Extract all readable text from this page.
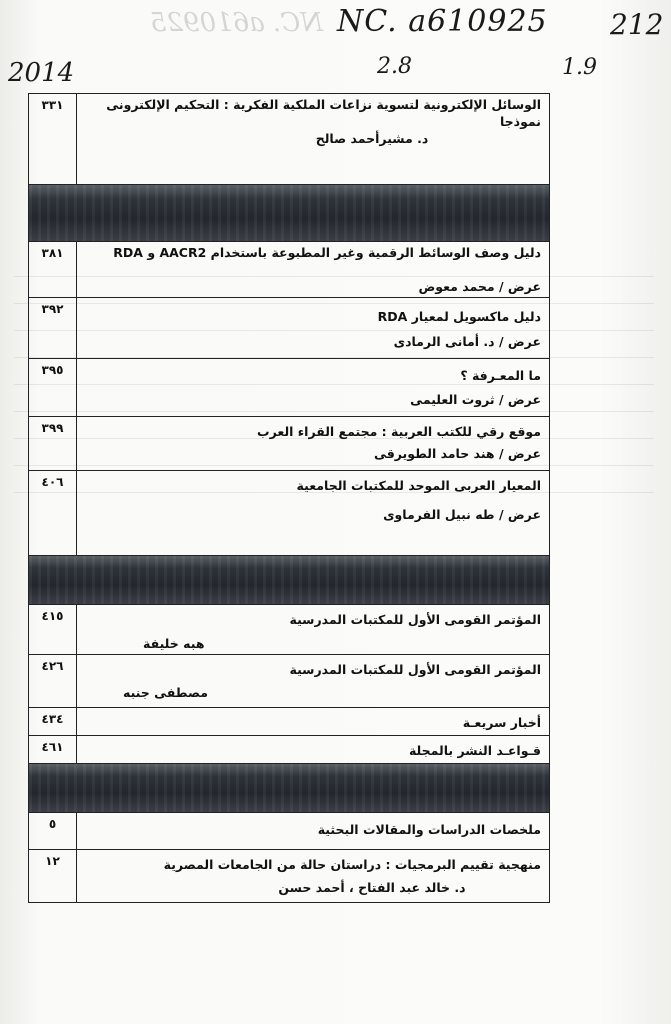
NC. a610925 NC. a610925 212
2014	2.8	1.9
٣٣١	الوسائل الإلكترونية لتسوية نزاعات الملكية الفكرية : التحكيم الإلكترونى نموذجا
د. مشيرأحمد صالح
٣٨١	دليل وصف الوسائط الرقمية وغير المطبوعة باستخدام AACR2 و RDA
عرض / محمد معوض
٣٩٢	دليل ماكسويل لمعيار RDA
عرض / د. أمانى الرمادى
٣٩٥	ما المعـرفة ؟
عرض / ثروت العليمى
٣٩٩	موقع رقي للكتب العربية : مجتمع القراء العرب
عرض / هند حامد الطويرقى
٤٠٦	المعيار العربى الموحد للمكتبات الجامعية
عرض / طه نبيل الفرماوى
٤١٥	المؤتمر القومى الأول للمكتبات المدرسية
هبه خليفة
٤٢٦	المؤتمر القومى الأول للمكتبات المدرسية
مصطفى جنبه
٤٣٤	أخبار سريعـة
٤٦١	قـواعـد النشر بالمجلة
٥	ملخصات الدراسات والمقالات البحثية
١٢	منهجية تقييم البرمجيات : دراستان حالة من الجامعات المصرية
د. خالد عبد الفتاح ، أحمد حسن
